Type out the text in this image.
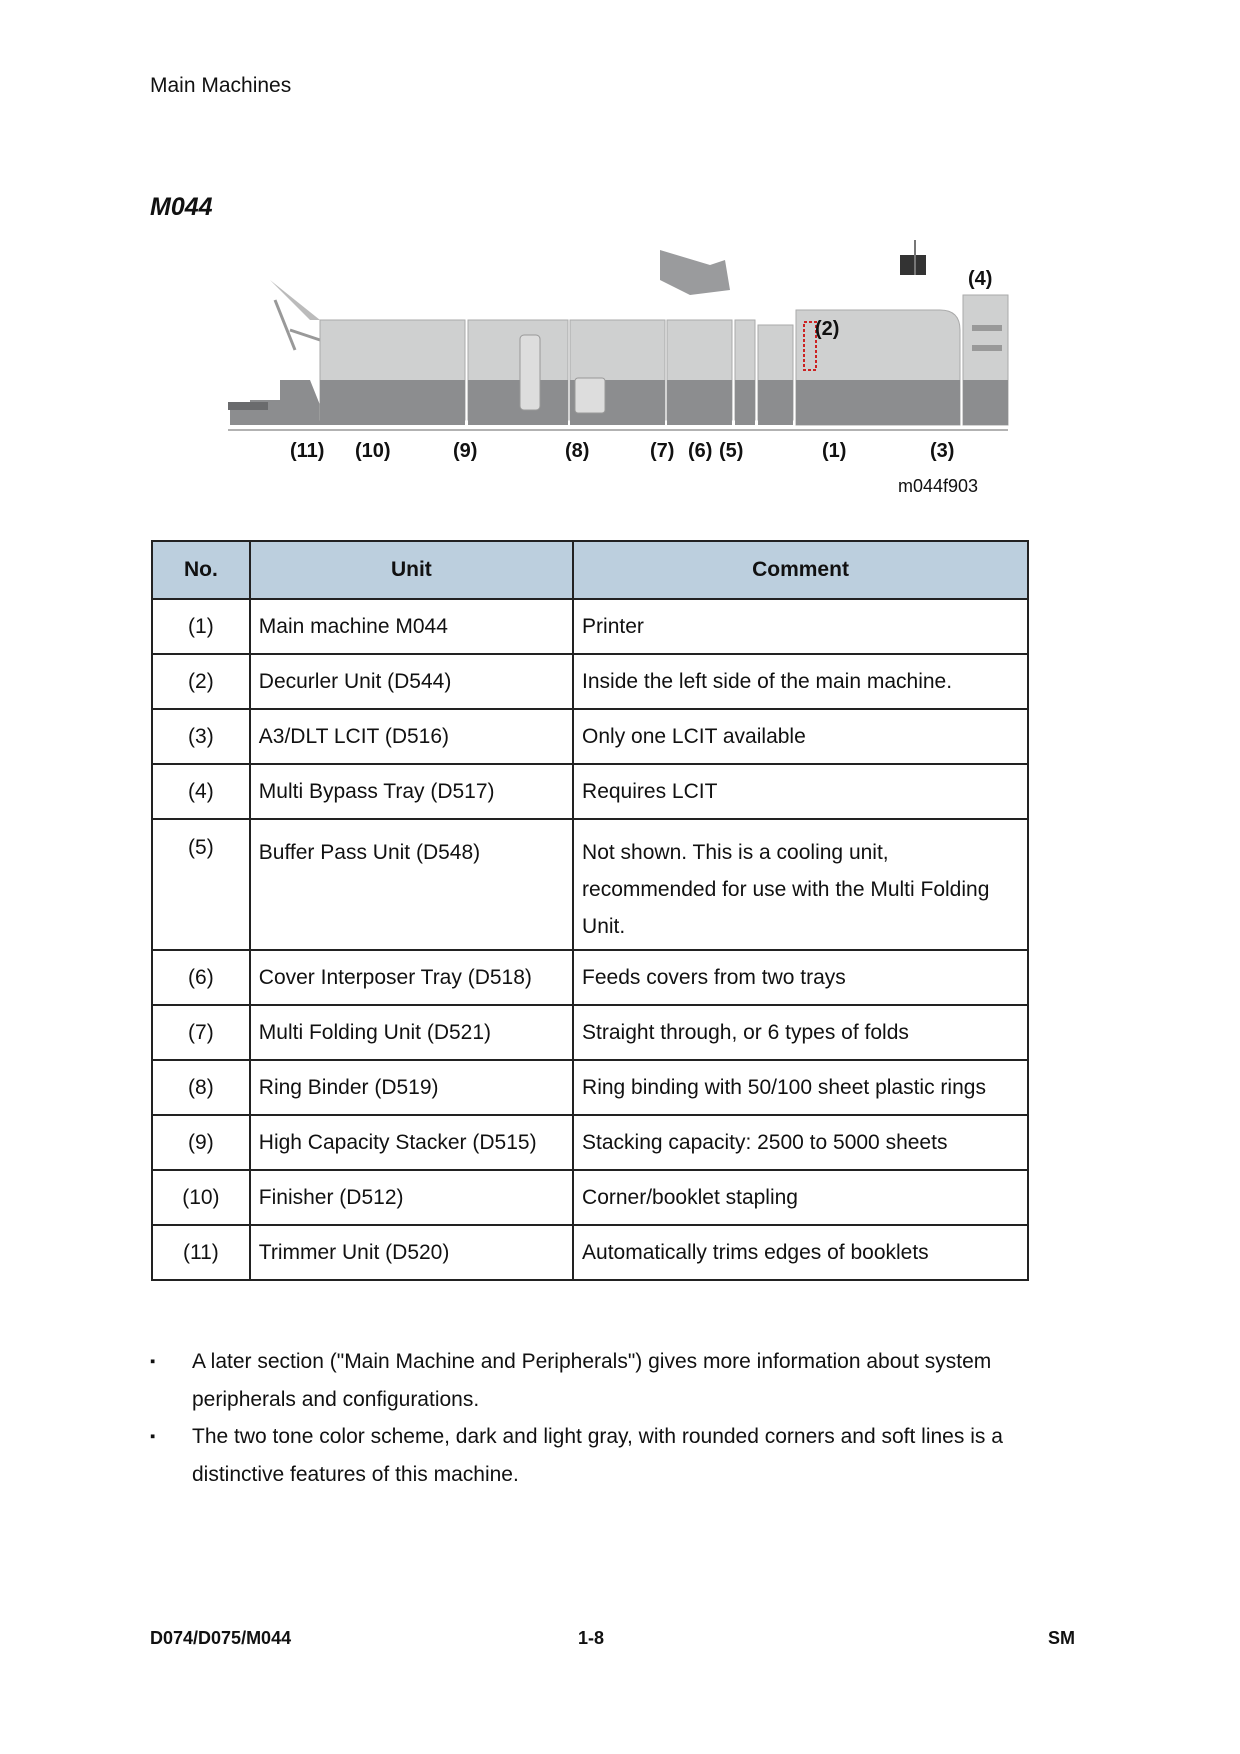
Main Machines
M044
(4)
(2)
(11) (10)	(9)	(8)	(7) (6) (5)	(1)	(3)
m044f903
No.	Unit	Comment
(1)	Main machine M044	Printer
(2)	Decurler Unit (D544)	Inside the left side of the main machine.
(3)	A3/DLT LCIT (D516)	Only one LCIT available
(4)	Multi Bypass Tray (D517)	Requires LCIT
(5)	Buffer Pass Unit (D548)	Not shown. This is a cooling unit, recommended for use with the Multi Folding Unit.
(6)	Cover Interposer Tray (D518)	Feeds covers from two trays
(7)	Multi Folding Unit (D521)	Straight through, or 6 types of folds
(8)	Ring Binder (D519)	Ring binding with 50/100 sheet plastic rings
(9)	High Capacity Stacker (D515)	Stacking capacity: 2500 to 5000 sheets
(10)	Finisher (D512)	Corner/booklet stapling
(11)	Trimmer Unit (D520)	Automatically trims edges of booklets
▪ A later section ("Main Machine and Peripherals") gives more information about system peripherals and configurations.
▪ The two tone color scheme, dark and light gray, with rounded corners and soft lines is a distinctive features of this machine.
D074/D075/M044	1-8	SM
